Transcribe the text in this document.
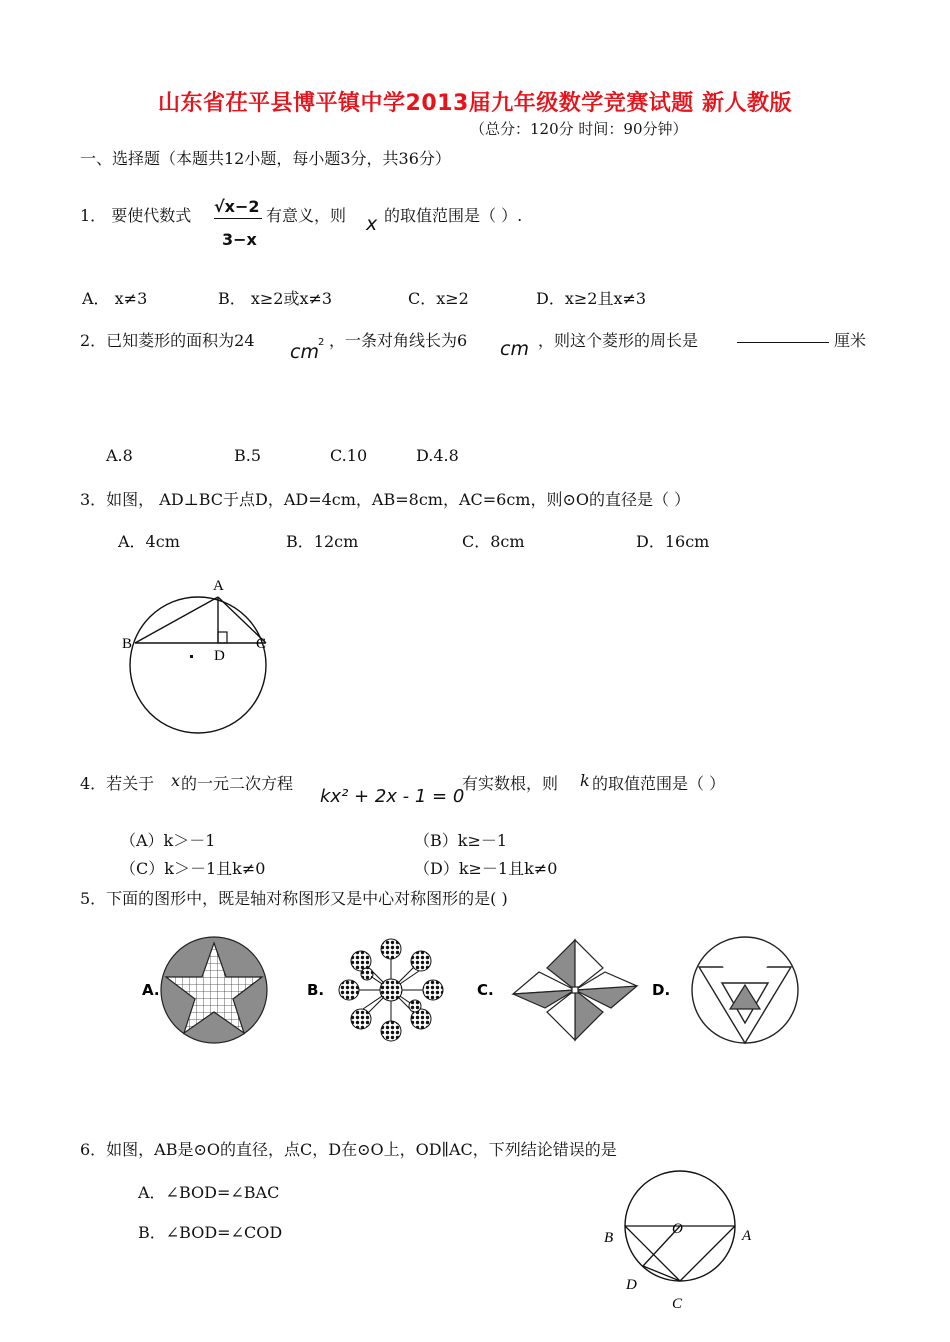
山东省茌平县博平镇中学2013届九年级数学竞赛试题 新人教版
（总分：120分 时间：90分钟）
一、选择题（本题共12小题，每小题3分，共36分）
1． 要使代数式 √x−2
3−x
有意义，则 x 的取值范围是（ ）.
A． x≠3	B． x≥2或x≠3	C．x≥2	D．x≥2且x≠3
2．已知菱形的面积为24
cm 2 ，一条对角线长为6 cm ，则这个菱形的周长是	厘米
A.8	B.5	C.10	D.4.8
3．如图， AD⊥BC于点D，AD=4cm，AB=8cm，AC=6cm，则⊙O的直径是（ ）
A．4cm	B．12cm	C．8cm	D．16cm
A
B	C
D
4．若关于 x 的一元二次方程
kx² + 2x - 1 = 0
有实数根，则 k 的取值范围是（ ）
（A）k＞－1	（B）k≥－1
（C）k＞－1且k≠0	（D）k≥－1且k≠0
5．下面的图形中，既是轴对称图形又是中心对称图形的是( )
A.	B.	C.	D.
6．如图，AB是⊙O的直径，点C，D在⊙O上，OD∥AC，下列结论错误的是
A．∠BOD=∠BAC
B．∠BOD=∠COD	O	A
B
C
D
